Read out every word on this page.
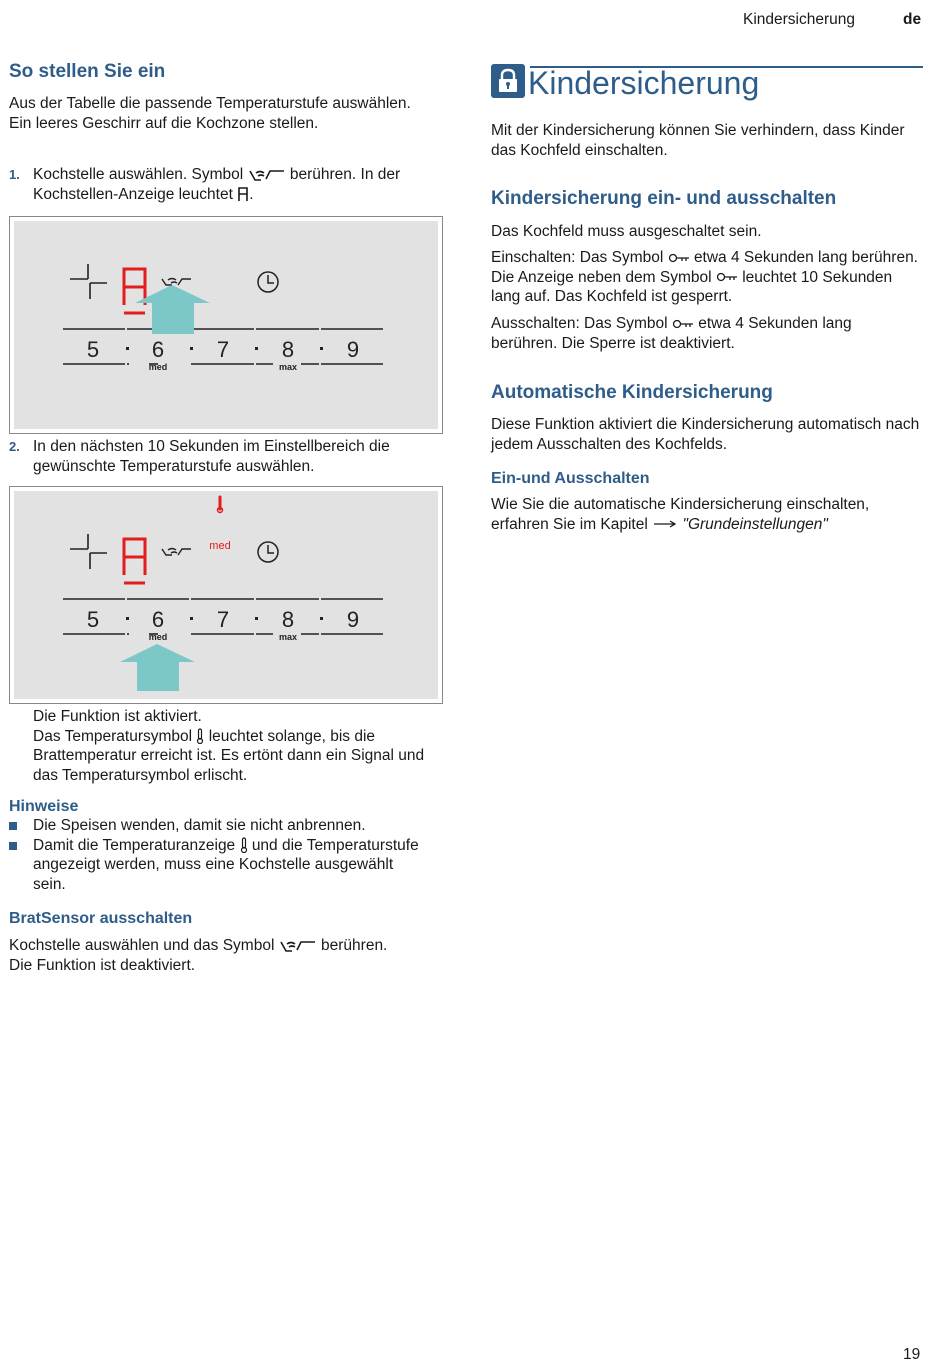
Kindersicherung	de
So stellen Sie ein

Aus der Tabelle die passende Temperaturstufe auswählen. Ein leeres Geschirr auf die Kochzone stellen.

1. Kochstelle auswählen. Symbol	berühren. In der Kochstellen-Anzeige leuchtet .
5 6 7 8 9
med	max
2. In den nächsten 10 Sekunden im Einstellbereich die gewünschte Temperaturstufe auswählen.

med
5 6 7 8 9
med	max

Die Funktion ist aktiviert.

Das Temperatursymbol leuchtet solange, bis die Brattemperatur erreicht ist. Es ertönt dann ein Signal und das Temperatursymbol erlischt.

Hinweise
Die Speisen wenden, damit sie nicht anbrennen.
Damit die Temperaturanzeige und die Temperaturstufe angezeigt werden, muss eine Kochstelle ausgewählt sein.
BratSensor ausschalten

Kochstelle auswählen und das Symbol	berühren.

Die Funktion ist deaktiviert.

Kindersicherung

Mit der Kindersicherung können Sie verhindern, dass Kinder das Kochfeld einschalten.

Kindersicherung ein- und ausschalten

Das Kochfeld muss ausgeschaltet sein.

Einschalten: Das Symbol etwa 4 Sekunden lang berühren. Die Anzeige neben dem Symbol leuchtet 10 Sekunden lang auf. Das Kochfeld ist gesperrt.

Ausschalten: Das Symbol etwa 4 Sekunden lang berühren. Die Sperre ist deaktiviert.

Automatische Kindersicherung

Diese Funktion aktiviert die Kindersicherung automatisch nach jedem Ausschalten des Kochfelds.

Ein-und Ausschalten

Wie Sie die automatische Kindersicherung einschalten, erfahren Sie im Kapitel "Grundeinstellungen"

19
